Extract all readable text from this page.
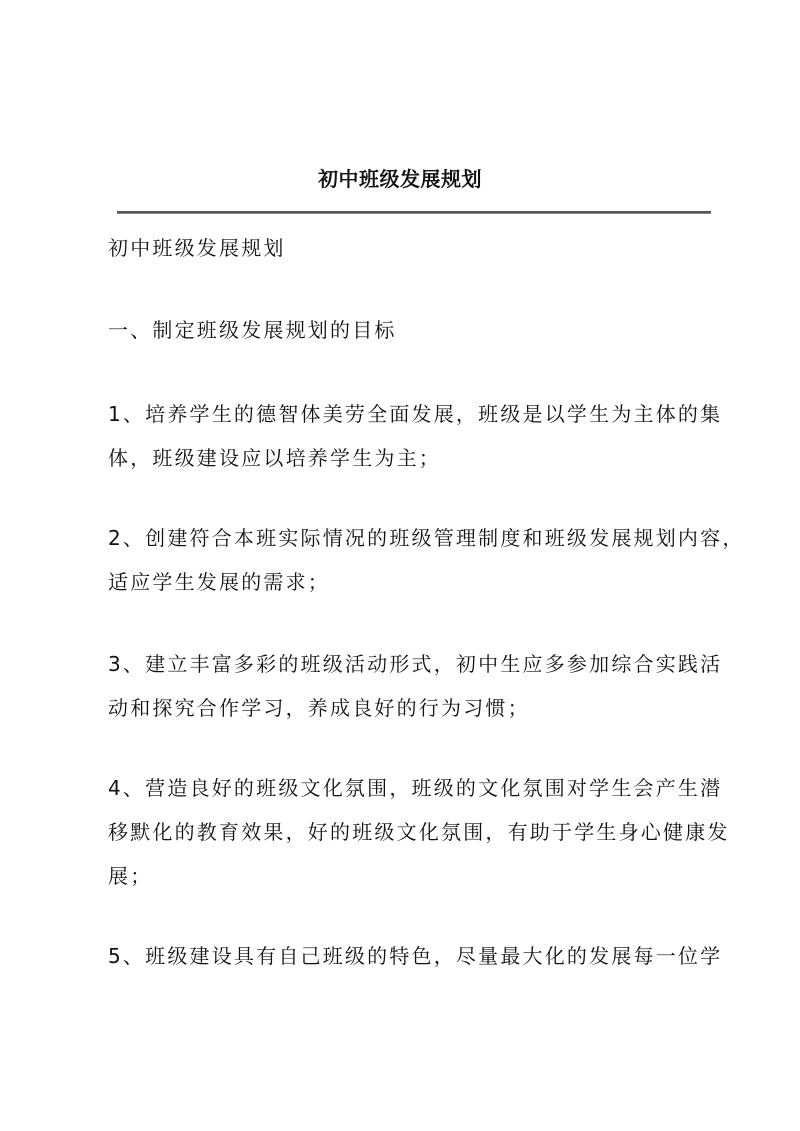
初中班级发展规划
初中班级发展规划
一、制定班级发展规划的目标
1、培养学生的德智体美劳全面发展，班级是以学生为主体的集
体，班级建设应以培养学生为主；
2、创建符合本班实际情况的班级管理制度和班级发展规划内容，
适应学生发展的需求；
3、建立丰富多彩的班级活动形式，初中生应多参加综合实践活
动和探究合作学习，养成良好的行为习惯；
4、营造良好的班级文化氛围，班级的文化氛围对学生会产生潜
移默化的教育效果，好的班级文化氛围，有助于学生身心健康发
展；
5、班级建设具有自己班级的特色，尽量最大化的发展每一位学
